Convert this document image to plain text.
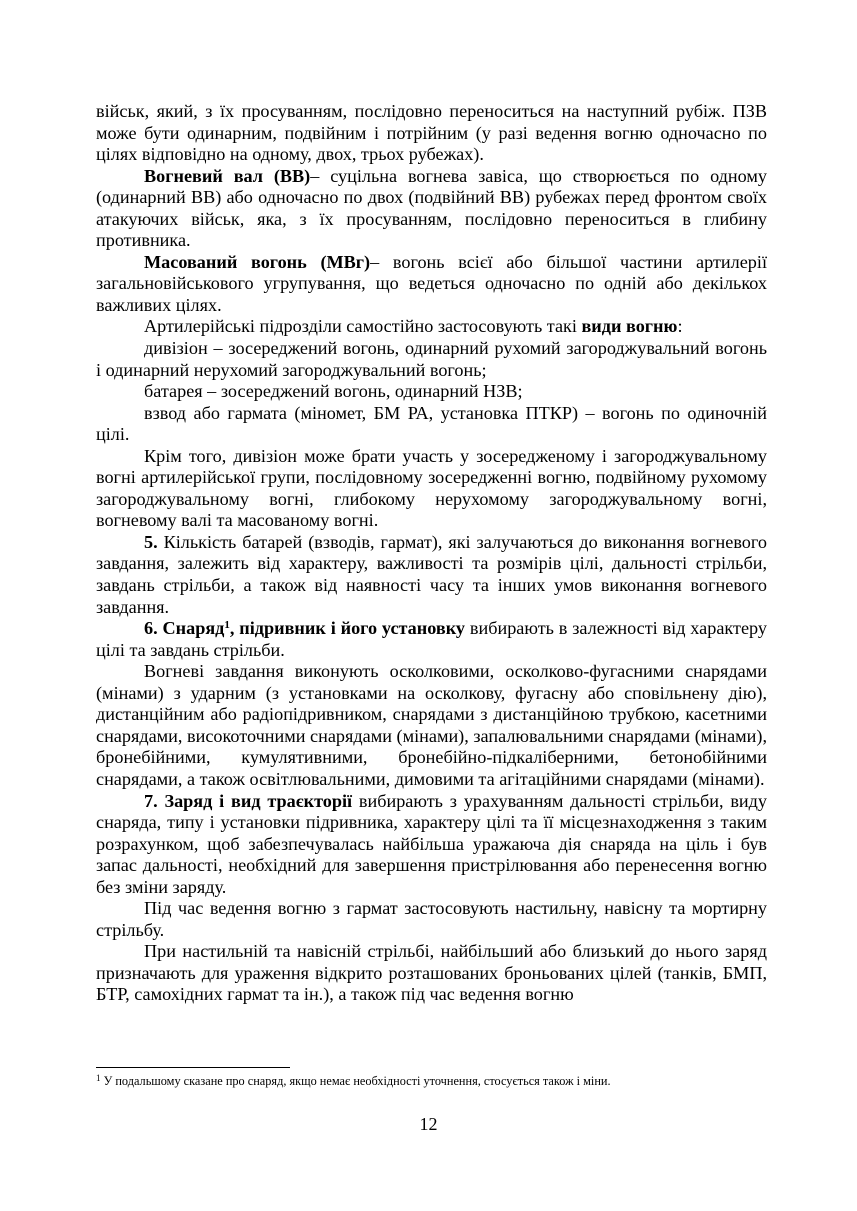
військ, який, з їх просуванням, послідовно переноситься на наступний рубіж. ПЗВ може бути одинарним, подвійним і потрійним (у разі ведення вогню одночасно по цілях відповідно на одному, двох, трьох рубежах).

Вогневий вал (ВВ)– суцільна вогнева завіса, що створюється по одному (одинарний ВВ) або одночасно по двох (подвійний ВВ) рубежах перед фронтом своїх атакуючих військ, яка, з їх просуванням, послідовно переноситься в глибину противника.

Масований вогонь (МВг)– вогонь всієї або більшої частини артилерії загальновійськового угрупування, що ведеться одночасно по одній або декількох важливих цілях.

Артилерійські підрозділи самостійно застосовують такі види вогню:

дивізіон – зосереджений вогонь, одинарний рухомий загороджувальний вогонь і одинарний нерухомий загороджувальний вогонь;

батарея – зосереджений вогонь, одинарний НЗВ;

взвод або гармата (міномет, БМ РА, установка ПТКР) – вогонь по одиночній цілі.

Крім того, дивізіон може брати участь у зосередженому і загороджувальному вогні артилерійської групи, послідовному зосередженні вогню, подвійному рухомому загороджувальному вогні, глибокому нерухомому загороджувальному вогні, вогневому валі та масованому вогні.

5. Кількість батарей (взводів, гармат), які залучаються до виконання вогневого завдання, залежить від характеру, важливості та розмірів цілі, дальності стрільби, завдань стрільби, а також від наявності часу та інших умов виконання вогневого завдання.

6. Снаряд$^1$, підривник і його установку вибирають в залежності від характеру цілі та завдань стрільби.

Вогневі завдання виконують осколковими, осколково-фугасними снарядами (мінами) з ударним (з установками на осколкову, фугасну або сповільнену дію), дистанційним або радіопідривником, снарядами з дистанційною трубкою, касетними снарядами, високоточними снарядами (мінами), запалювальними снарядами (мінами), бронебійними, кумулятивними, бронебійно-підкаліберними, бетонобійними снарядами, а також освітлювальними, димовими та агітаційними снарядами (мінами).

7. Заряд і вид траєкторії вибирають з урахуванням дальності стрільби, виду снаряда, типу і установки підривника, характеру цілі та її місцезнаходження з таким розрахунком, щоб забезпечувалась найбільша уражаюча дія снаряда на ціль і був запас дальності, необхідний для завершення пристрілювання або перенесення вогню без зміни заряду.

Під час ведення вогню з гармат застосовують настильну, навісну та мортирну стрільбу.

При настильній та навісній стрільбі, найбільший або близький до нього заряд призначають для ураження відкрито розташованих броньованих цілей (танків, БМП, БТР, самохідних гармат та ін.), а також під час ведення вогню

$^1$ У подальшому сказане про снаряд, якщо немає необхідності уточнення, стосується також і міни.
12
